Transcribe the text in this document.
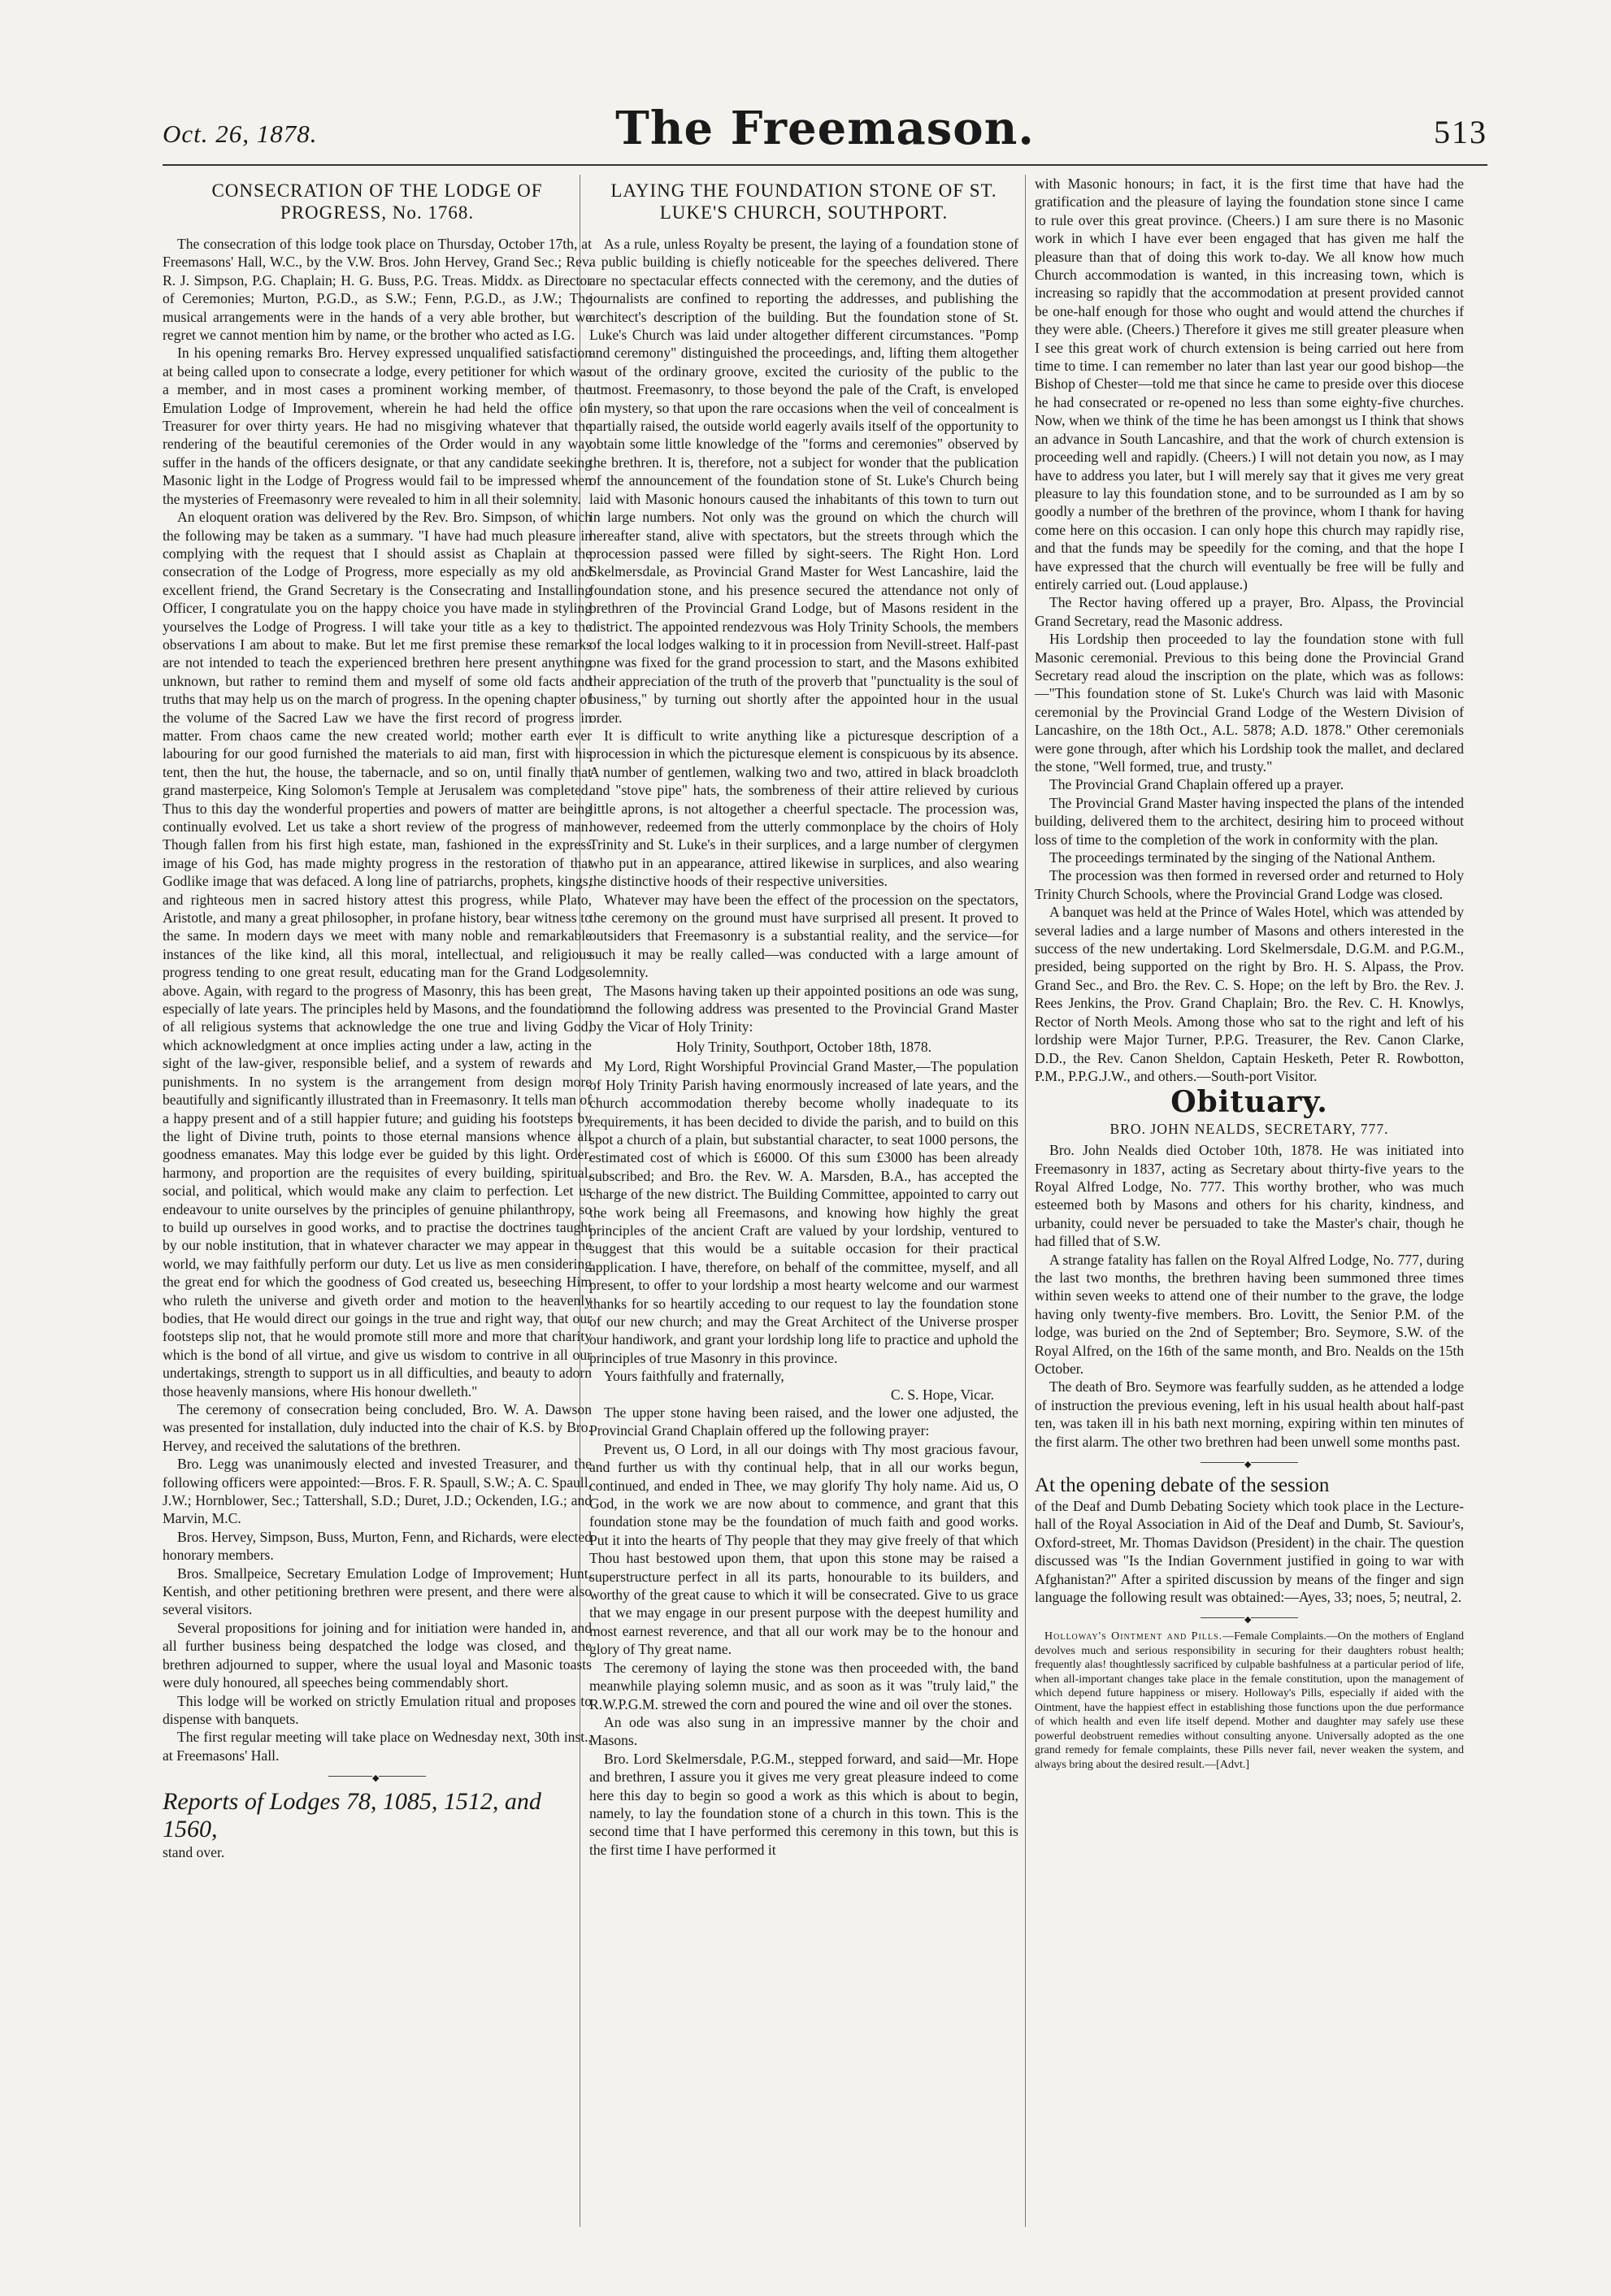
Oct. 26, 1878.	The Freemason.	513
CONSECRATION OF THE LODGE OF PROGRESS, No. 1768.

The consecration of this lodge took place on Thursday, October 17th, at Freemasons' Hall, W.C., by the V.W. Bros. John Hervey, Grand Sec.; Rev. R. J. Simpson, P.G. Chaplain; H. G. Buss, P.G. Treas. Middx. as Director of Ceremonies; Murton, P.G.D., as S.W.; Fenn, P.G.D., as J.W.; The musical arrangements were in the hands of a very able brother, but we regret we cannot mention him by name, or the brother who acted as I.G.

In his opening remarks Bro. Hervey expressed unqualified satisfaction at being called upon to consecrate a lodge, every petitioner for which was a member, and in most cases a prominent working member, of the Emulation Lodge of Improvement, wherein he had held the office of Treasurer for over thirty years. He had no misgiving whatever that the rendering of the beautiful ceremonies of the Order would in any way suffer in the hands of the officers designate, or that any candidate seeking Masonic light in the Lodge of Progress would fail to be impressed when the mysteries of Freemasonry were revealed to him in all their solemnity.

An eloquent oration was delivered by the Rev. Bro. Simpson, of which the following may be taken as a summary. "I have had much pleasure in complying with the request that I should assist as Chaplain at the consecration of the Lodge of Progress, more especially as my old and excellent friend, the Grand Secretary is the Consecrating and Installing Officer, I congratulate you on the happy choice you have made in styling yourselves the Lodge of Progress. I will take your title as a key to the observations I am about to make. But let me first premise these remarks are not intended to teach the experienced brethren here present anything unknown, but rather to remind them and myself of some old facts and truths that may help us on the march of progress. In the opening chapter of the volume of the Sacred Law we have the first record of progress in matter. From chaos came the new created world; mother earth ever labouring for our good furnished the materials to aid man, first with his tent, then the hut, the house, the tabernacle, and so on, until finally that grand masterpeice, King Solomon's Temple at Jerusalem was completed. Thus to this day the wonderful properties and powers of matter are being continually evolved. Let us take a short review of the progress of man. Though fallen from his first high estate, man, fashioned in the express image of his God, has made mighty progress in the restoration of that Godlike image that was defaced. A long line of patriarchs, prophets, kings, and righteous men in sacred history attest this progress, while Plato, Aristotle, and many a great philosopher, in profane history, bear witness to the same. In modern days we meet with many noble and remarkable instances of the like kind, all this moral, intellectual, and religious progress tending to one great result, educating man for the Grand Lodge above. Again, with regard to the progress of Masonry, this has been great, especially of late years. The principles held by Masons, and the foundation of all religious systems that acknowledge the one true and living God, which acknowledgment at once implies acting under a law, acting in the sight of the law-giver, responsible belief, and a system of rewards and punishments. In no system is the arrangement from design more beautifully and significantly illustrated than in Freemasonry. It tells man of a happy present and of a still happier future; and guiding his footsteps by the light of Divine truth, points to those eternal mansions whence all goodness emanates. May this lodge ever be guided by this light. Order, harmony, and proportion are the requisites of every building, spiritual, social, and political, which would make any claim to perfection. Let us endeavour to unite ourselves by the principles of genuine philanthropy, so to build up ourselves in good works, and to practise the doctrines taught by our noble institution, that in whatever character we may appear in the world, we may faithfully perform our duty. Let us live as men considering the great end for which the goodness of God created us, beseeching Him who ruleth the universe and giveth order and motion to the heavenly bodies, that He would direct our goings in the true and right way, that our footsteps slip not, that he would promote still more and more that charity which is the bond of all virtue, and give us wisdom to contrive in all our undertakings, strength to support us in all difficulties, and beauty to adorn those heavenly mansions, where His honour dwelleth."

The ceremony of consecration being concluded, Bro. W. A. Dawson was presented for installation, duly inducted into the chair of K.S. by Bro. Hervey, and received the salutations of the brethren.

Bro. Legg was unanimously elected and invested Treasurer, and the following officers were appointed:—Bros. F. R. Spaull, S.W.; A. C. Spaull, J.W.; Hornblower, Sec.; Tattershall, S.D.; Duret, J.D.; Ockenden, I.G.; and Marvin, M.C.

Bros. Hervey, Simpson, Buss, Murton, Fenn, and Richards, were elected honorary members.

Bros. Smallpeice, Secretary Emulation Lodge of Improvement; Hunt, Kentish, and other petitioning brethren were present, and there were also several visitors.

Several propositions for joining and for initiation were handed in, and all further business being despatched the lodge was closed, and the brethren adjourned to supper, where the usual loyal and Masonic toasts were duly honoured, all speeches being commendably short.

This lodge will be worked on strictly Emulation ritual and proposes to dispense with banquets.

The first regular meeting will take place on Wednesday next, 30th inst., at Freemasons' Hall.

◆

Reports of Lodges 78, 1085, 1512, and 1560,

stand over.

LAYING THE FOUNDATION STONE OF ST. LUKE'S CHURCH, SOUTHPORT.

As a rule, unless Royalty be present, the laying of a foundation stone of a public building is chiefly noticeable for the speeches delivered. There are no spectacular effects connected with the ceremony, and the duties of journalists are confined to reporting the addresses, and publishing the architect's description of the building. But the foundation stone of St. Luke's Church was laid under altogether different circumstances. "Pomp and ceremony" distinguished the proceedings, and, lifting them altogether out of the ordinary groove, excited the curiosity of the public to the utmost. Freemasonry, to those beyond the pale of the Craft, is enveloped in mystery, so that upon the rare occasions when the veil of concealment is partially raised, the outside world eagerly avails itself of the opportunity to obtain some little knowledge of the "forms and ceremonies" observed by the brethren. It is, therefore, not a subject for wonder that the publication of the announcement of the foundation stone of St. Luke's Church being laid with Masonic honours caused the inhabitants of this town to turn out in large numbers. Not only was the ground on which the church will hereafter stand, alive with spectators, but the streets through which the procession passed were filled by sight-seers. The Right Hon. Lord Skelmersdale, as Provincial Grand Master for West Lancashire, laid the foundation stone, and his presence secured the attendance not only of brethren of the Provincial Grand Lodge, but of Masons resident in the district. The appointed rendezvous was Holy Trinity Schools, the members of the local lodges walking to it in procession from Nevill-street. Half-past one was fixed for the grand procession to start, and the Masons exhibited their appreciation of the truth of the proverb that "punctuality is the soul of business," by turning out shortly after the appointed hour in the usual order.

It is difficult to write anything like a picturesque description of a procession in which the picturesque element is conspicuous by its absence. A number of gentlemen, walking two and two, attired in black broadcloth and "stove pipe" hats, the sombreness of their attire relieved by curious little aprons, is not altogether a cheerful spectacle. The procession was, however, redeemed from the utterly commonplace by the choirs of Holy Trinity and St. Luke's in their surplices, and a large number of clergymen who put in an appearance, attired likewise in surplices, and also wearing the distinctive hoods of their respective universities.

Whatever may have been the effect of the procession on the spectators, the ceremony on the ground must have surprised all present. It proved to outsiders that Freemasonry is a substantial reality, and the service—for such it may be really called—was conducted with a large amount of solemnity.

The Masons having taken up their appointed positions an ode was sung, and the following address was presented to the Provincial Grand Master by the Vicar of Holy Trinity:

Holy Trinity, Southport, October 18th, 1878.

My Lord, Right Worshipful Provincial Grand Master,—The population of Holy Trinity Parish having enormously increased of late years, and the church accommodation thereby become wholly inadequate to its requirements, it has been decided to divide the parish, and to build on this spot a church of a plain, but substantial character, to seat 1000 persons, the estimated cost of which is £6000. Of this sum £3000 has been already subscribed; and Bro. the Rev. W. A. Marsden, B.A., has accepted the charge of the new district. The Building Committee, appointed to carry out the work being all Freemasons, and knowing how highly the great principles of the ancient Craft are valued by your lordship, ventured to suggest that this would be a suitable occasion for their practical application. I have, therefore, on behalf of the committee, myself, and all present, to offer to your lordship a most hearty welcome and our warmest thanks for so heartily acceding to our request to lay the foundation stone of our new church; and may the Great Architect of the Universe prosper our handiwork, and grant your lordship long life to practice and uphold the principles of true Masonry in this province.

Yours faithfully and fraternally,

C. S. Hope, Vicar.

The upper stone having been raised, and the lower one adjusted, the Provincial Grand Chaplain offered up the following prayer:

Prevent us, O Lord, in all our doings with Thy most gracious favour, and further us with thy continual help, that in all our works begun, continued, and ended in Thee, we may glorify Thy holy name. Aid us, O God, in the work we are now about to commence, and grant that this foundation stone may be the foundation of much faith and good works. Put it into the hearts of Thy people that they may give freely of that which Thou hast bestowed upon them, that upon this stone may be raised a superstructure perfect in all its parts, honourable to its builders, and worthy of the great cause to which it will be consecrated. Give to us grace that we may engage in our present purpose with the deepest humility and most earnest reverence, and that all our work may be to the honour and glory of Thy great name.

The ceremony of laying the stone was then proceeded with, the band meanwhile playing solemn music, and as soon as it was "truly laid," the R.W.P.G.M. strewed the corn and poured the wine and oil over the stones.

An ode was also sung in an impressive manner by the choir and Masons.

Bro. Lord Skelmersdale, P.G.M., stepped forward, and said—Mr. Hope and brethren, I assure you it gives me very great pleasure indeed to come here this day to begin so good a work as this which is about to begin, namely, to lay the foundation stone of a church in this town. This is the second time that I have performed this ceremony in this town, but this is the first time I have performed it

with Masonic honours; in fact, it is the first time that have had the gratification and the pleasure of laying the foundation stone since I came to rule over this great province. (Cheers.) I am sure there is no Masonic work in which I have ever been engaged that has given me half the pleasure than that of doing this work to-day. We all know how much Church accommodation is wanted, in this increasing town, which is increasing so rapidly that the accommodation at present provided cannot be one-half enough for those who ought and would attend the churches if they were able. (Cheers.) Therefore it gives me still greater pleasure when I see this great work of church extension is being carried out here from time to time. I can remember no later than last year our good bishop—the Bishop of Chester—told me that since he came to preside over this diocese he had consecrated or re-opened no less than some eighty-five churches. Now, when we think of the time he has been amongst us I think that shows an advance in South Lancashire, and that the work of church extension is proceeding well and rapidly. (Cheers.) I will not detain you now, as I may have to address you later, but I will merely say that it gives me very great pleasure to lay this foundation stone, and to be surrounded as I am by so goodly a number of the brethren of the province, whom I thank for having come here on this occasion. I can only hope this church may rapidly rise, and that the funds may be speedily for the coming, and that the hope I have expressed that the church will eventually be free will be fully and entirely carried out. (Loud applause.)

The Rector having offered up a prayer, Bro. Alpass, the Provincial Grand Secretary, read the Masonic address.

His Lordship then proceeded to lay the foundation stone with full Masonic ceremonial. Previous to this being done the Provincial Grand Secretary read aloud the inscription on the plate, which was as follows:—"This foundation stone of St. Luke's Church was laid with Masonic ceremonial by the Provincial Grand Lodge of the Western Division of Lancashire, on the 18th Oct., A.L. 5878; A.D. 1878." Other ceremonials were gone through, after which his Lordship took the mallet, and declared the stone, "Well formed, true, and trusty."

The Provincial Grand Chaplain offered up a prayer.

The Provincial Grand Master having inspected the plans of the intended building, delivered them to the architect, desiring him to proceed without loss of time to the completion of the work in conformity with the plan.

The proceedings terminated by the singing of the National Anthem.

The procession was then formed in reversed order and returned to Holy Trinity Church Schools, where the Provincial Grand Lodge was closed.

A banquet was held at the Prince of Wales Hotel, which was attended by several ladies and a large number of Masons and others interested in the success of the new undertaking. Lord Skelmersdale, D.G.M. and P.G.M., presided, being supported on the right by Bro. H. S. Alpass, the Prov. Grand Sec., and Bro. the Rev. C. S. Hope; on the left by Bro. the Rev. J. Rees Jenkins, the Prov. Grand Chaplain; Bro. the Rev. C. H. Knowlys, Rector of North Meols. Among those who sat to the right and left of his lordship were Major Turner, P.P.G. Treasurer, the Rev. Canon Clarke, D.D., the Rev. Canon Sheldon, Captain Hesketh, Peter R. Rowbotton, P.M., P.P.G.J.W., and others.—South-port Visitor.

Obituary.

BRO. JOHN NEALDS, SECRETARY, 777.

Bro. John Nealds died October 10th, 1878. He was initiated into Freemasonry in 1837, acting as Secretary about thirty-five years to the Royal Alfred Lodge, No. 777. This worthy brother, who was much esteemed both by Masons and others for his charity, kindness, and urbanity, could never be persuaded to take the Master's chair, though he had filled that of S.W.

A strange fatality has fallen on the Royal Alfred Lodge, No. 777, during the last two months, the brethren having been summoned three times within seven weeks to attend one of their number to the grave, the lodge having only twenty-five members. Bro. Lovitt, the Senior P.M. of the lodge, was buried on the 2nd of September; Bro. Seymore, S.W. of the Royal Alfred, on the 16th of the same month, and Bro. Nealds on the 15th October.

The death of Bro. Seymore was fearfully sudden, as he attended a lodge of instruction the previous evening, left in his usual health about half-past ten, was taken ill in his bath next morning, expiring within ten minutes of the first alarm. The other two brethren had been unwell some months past.

◆

At the opening debate of the session

of the Deaf and Dumb Debating Society which took place in the Lecture-hall of the Royal Association in Aid of the Deaf and Dumb, St. Saviour's, Oxford-street, Mr. Thomas Davidson (President) in the chair. The question discussed was "Is the Indian Government justified in going to war with Afghanistan?" After a spirited discussion by means of the finger and sign language the following result was obtained:—Ayes, 33; noes, 5; neutral, 2.

◆

Holloway's Ointment and Pills.—Female Complaints.—On the mothers of England devolves much and serious responsibility in securing for their daughters robust health; frequently alas! thoughtlessly sacrificed by culpable bashfulness at a particular period of life, when all-important changes take place in the female constitution, upon the management of which depend future happiness or misery. Holloway's Pills, especially if aided with the Ointment, have the happiest effect in establishing those functions upon the due performance of which health and even life itself depend. Mother and daughter may safely use these powerful deobstruent remedies without consulting anyone. Universally adopted as the one grand remedy for female complaints, these Pills never fail, never weaken the system, and always bring about the desired result.—[Advt.]
